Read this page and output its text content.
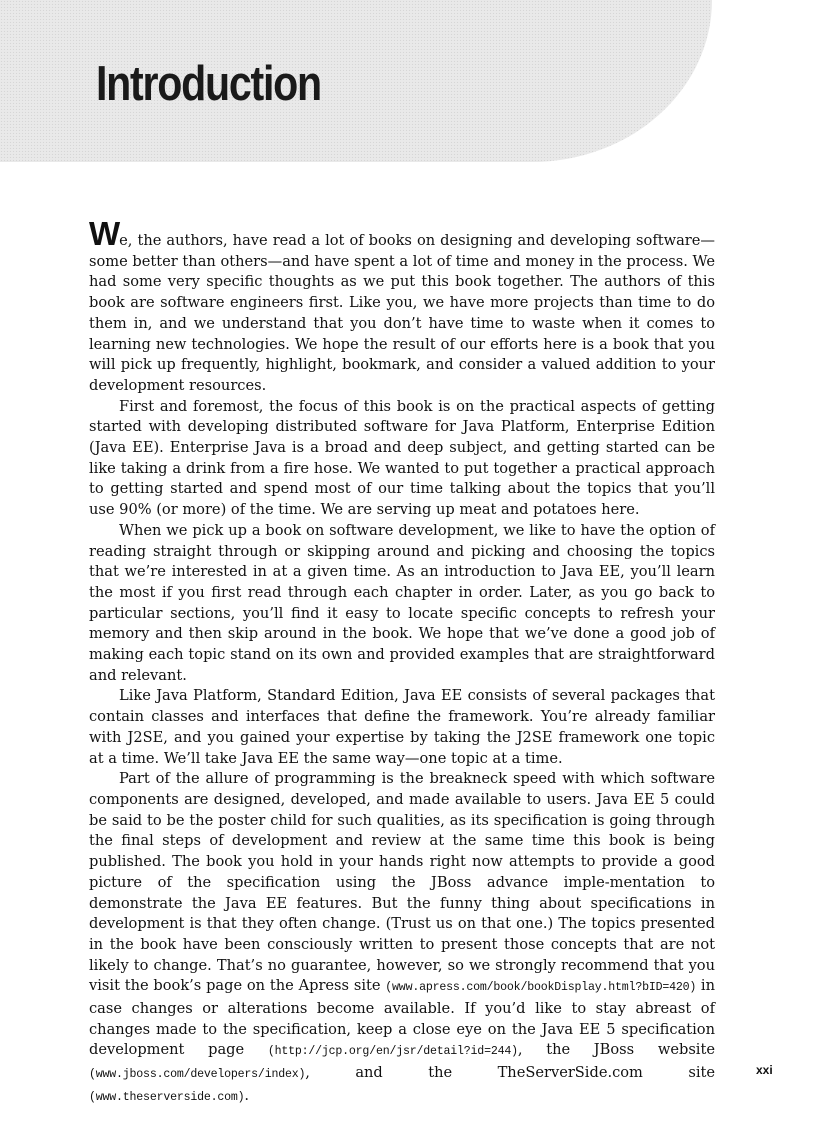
Introduction

We, the authors, have read a lot of books on designing and developing software—some better than others—and have spent a lot of time and money in the process. We had some very specific thoughts as we put this book together. The authors of this book are software engineers first. Like you, we have more projects than time to do them in, and we understand that you don’t have time to waste when it comes to learning new technologies. We hope the result of our efforts here is a book that you will pick up frequently, highlight, bookmark, and consider a valued addition to your development resources.

First and foremost, the focus of this book is on the practical aspects of getting started with developing distributed software for Java Platform, Enterprise Edition (Java EE). Enterprise Java is a broad and deep subject, and getting started can be like taking a drink from a fire hose. We wanted to put together a practical approach to getting started and spend most of our time talking about the topics that you’ll use 90% (or more) of the time. We are serving up meat and potatoes here.

When we pick up a book on software development, we like to have the option of reading straight through or skipping around and picking and choosing the topics that we’re interested in at a given time. As an introduction to Java EE, you’ll learn the most if you first read through each chapter in order. Later, as you go back to particular sections, you’ll find it easy to locate specific concepts to refresh your memory and then skip around in the book. We hope that we’ve done a good job of making each topic stand on its own and provided examples that are straightforward and relevant.

Like Java Platform, Standard Edition, Java EE consists of several packages that contain classes and interfaces that define the framework. You’re already familiar with J2SE, and you gained your expertise by taking the J2SE framework one topic at a time. We’ll take Java EE the same way—one topic at a time.

Part of the allure of programming is the breakneck speed with which software components are designed, developed, and made available to users. Java EE 5 could be said to be the poster child for such qualities, as its specification is going through the final steps of development and review at the same time this book is being published. The book you hold in your hands right now attempts to provide a good picture of the specification using the JBoss advance imple-mentation to demonstrate the Java EE features. But the funny thing about specifications in development is that they often change. (Trust us on that one.) The topics presented in the book have been consciously written to present those concepts that are not likely to change. That’s no guarantee, however, so we strongly recommend that you visit the book’s page on the Apress site (www.apress.com/book/bookDisplay.html?bID=420) in case changes or alterations become available. If you’d like to stay abreast of changes made to the specification, keep a close eye on the Java EE 5 specification development page (http://jcp.org/en/jsr/detail?id=244), the JBoss website (www.jboss.com/developers/index), and the TheServerSide.com site (www.theserverside.com).

xxi
